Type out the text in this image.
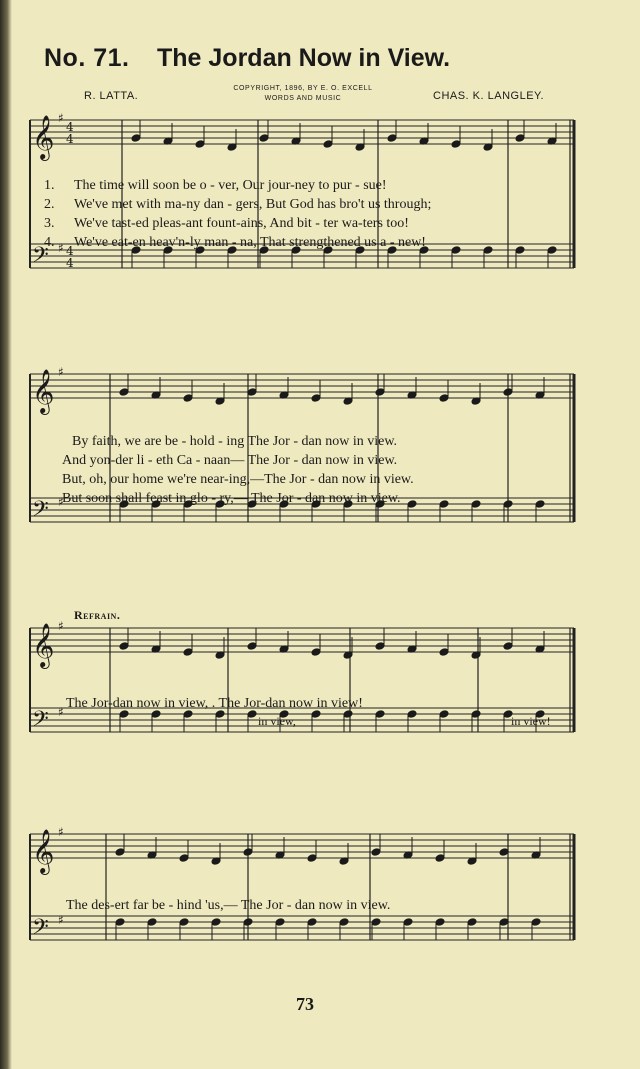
No. 71. The Jordan Now in View.
R. LATTA.
COPYRIGHT, 1896, BY E. O. EXCELL
WORDS AND MUSIC	CHAS. K. LANGLEY.
𝄞 ♯
4
4
𝄢 ♯ 4
4
𝄞 ♯
𝄢 ♯
𝄞 ♯
𝄢 ♯
𝄞 ♯
𝄢 ♯
1. The time will soon be o - ver, Our jour-ney to pur - sue!
2. We've met with ma-ny dan - gers, But God has bro't us through;
3. We've tast-ed pleas-ant fount-ains, And bit - ter wa-ters too!
4. We've eat-en heav'n-ly man - na, That strengthened us a - new!
By faith, we are be - hold - ing The Jor - dan now in view.
And yon-der li - eth Ca - naan— The Jor - dan now in view.
But, oh, our home we're near-ing,—The Jor - dan now in view.
But soon shall feast in glo - ry,— The Jor - dan now in view.
Refrain.
The Jor-dan now in view, . The Jor-dan now in view!
in view,	in view!
The des-ert far be - hind 'us,— The Jor - dan now in view.
73
